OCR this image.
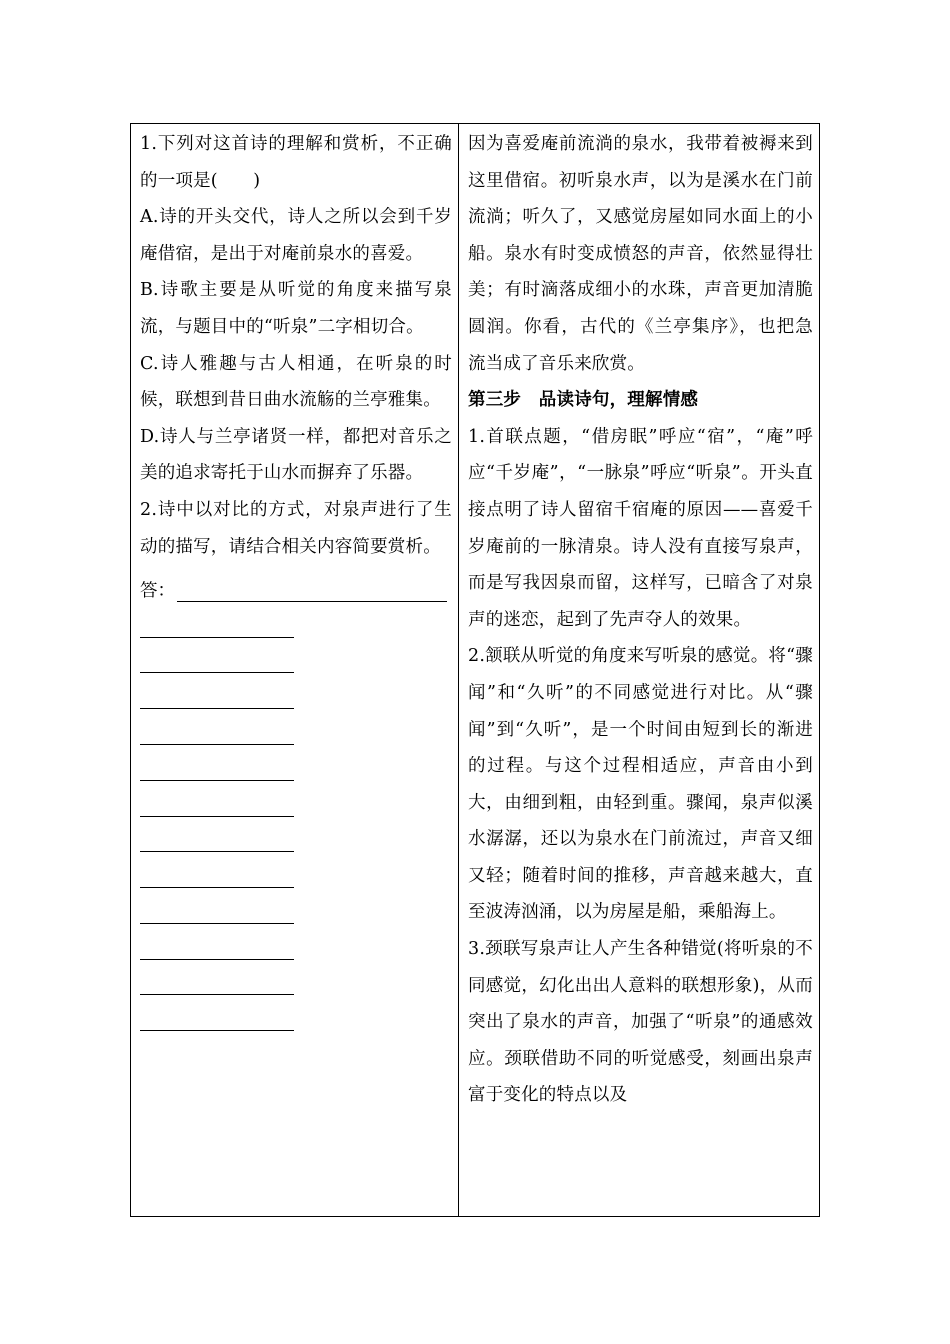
1.下列对这首诗的理解和赏析，不正确的一项是(　　)

A.诗的开头交代，诗人之所以会到千岁庵借宿，是出于对庵前泉水的喜爱。

B.诗歌主要是从听觉的角度来描写泉流，与题目中的“听泉”二字相切合。

C.诗人雅趣与古人相通，在听泉的时候，联想到昔日曲水流觞的兰亭雅集。

D.诗人与兰亭诸贤一样，都把对音乐之美的追求寄托于山水而摒弃了乐器。

2.诗中以对比的方式，对泉声进行了生动的描写，请结合相关内容简要赏析。

答：

因为喜爱庵前流淌的泉水，我带着被褥来到这里借宿。初听泉水声，以为是溪水在门前流淌；听久了，又感觉房屋如同水面上的小船。泉水有时变成愤怒的声音，依然显得壮美；有时滴落成细小的水珠，声音更加清脆圆润。你看，古代的《兰亭集序》，也把急流当成了音乐来欣赏。

第三步　品读诗句，理解情感

1.首联点题，“借房眠”呼应“宿”，“庵”呼应“千岁庵”，“一脉泉”呼应“听泉”。开头直接点明了诗人留宿千宿庵的原因——喜爱千岁庵前的一脉清泉。诗人没有直接写泉声，而是写我因泉而留，这样写，已暗含了对泉声的迷恋，起到了先声夺人的效果。

2.颔联从听觉的角度来写听泉的感觉。将“骤闻”和“久听”的不同感觉进行对比。从“骤闻”到“久听”，是一个时间由短到长的渐进的过程。与这个过程相适应，声音由小到大，由细到粗，由轻到重。骤闻，泉声似溪水潺潺，还以为泉水在门前流过，声音又细又轻；随着时间的推移，声音越来越大，直至波涛汹涌，以为房屋是船，乘船海上。

3.颈联写泉声让人产生各种错觉(将听泉的不同感觉，幻化出出人意料的联想形象)，从而突出了泉水的声音，加强了“听泉”的通感效应。颈联借助不同的听觉感受，刻画出泉声富于变化的特点以及
